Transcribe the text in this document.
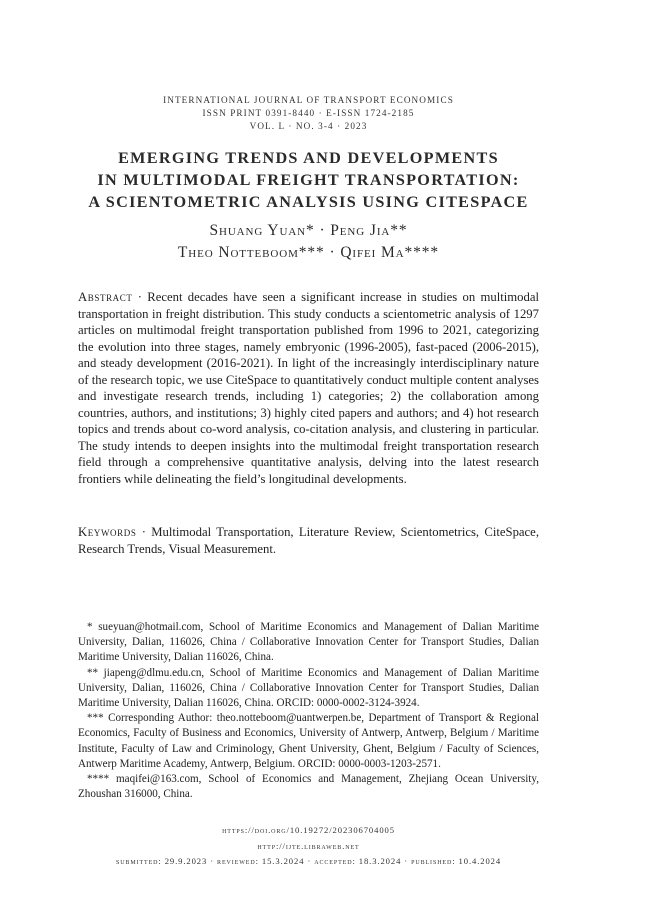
INTERNATIONAL JOURNAL OF TRANSPORT ECONOMICS
ISSN PRINT 0391-8440 · E-ISSN 1724-2185
VOL. L · NO. 3-4 · 2023
EMERGING TRENDS AND DEVELOPMENTS
IN MULTIMODAL FREIGHT TRANSPORTATION:
A SCIENTOMETRIC ANALYSIS USING CITESPACE
Shuang Yuan* · Peng Jia**
Theo Notteboom*** · Qifei Ma****
Abstract · Recent decades have seen a significant increase in studies on multimodal transportation in freight distribution. This study conducts a scientometric analysis of 1297 articles on multimodal freight transportation published from 1996 to 2021, categorizing the evolution into three stages, namely embryonic (1996-2005), fast-paced (2006-2015), and steady development (2016-2021). In light of the increasingly interdisciplinary nature of the research topic, we use CiteSpace to quantitatively conduct multiple content analyses and investigate research trends, including 1) categories; 2) the collaboration among countries, authors, and institutions; 3) highly cited papers and authors; and 4) hot research topics and trends about co-word analysis, co-citation analysis, and clustering in particular. The study intends to deepen insights into the multimodal freight transportation research field through a comprehensive quantitative analysis, delving into the latest research frontiers while delineating the field’s longitudinal developments.
Keywords · Multimodal Transportation, Literature Review, Scientometrics, CiteSpace, Research Trends, Visual Measurement.

* sueyuan@hotmail.com, School of Maritime Economics and Management of Dalian Maritime University, Dalian, 116026, China / Collaborative Innovation Center for Transport Studies, Dalian Maritime University, Dalian 116026, China.

** jiapeng@dlmu.edu.cn, School of Maritime Economics and Management of Dalian Maritime University, Dalian, 116026, China / Collaborative Innovation Center for Transport Studies, Dalian Maritime University, Dalian 116026, China. ORCID: 0000-0002-3124-3924.

*** Corresponding Author: theo.notteboom@uantwerpen.be, Department of Transport & Regional Economics, Faculty of Business and Economics, University of Antwerp, Antwerp, Belgium / Maritime Institute, Faculty of Law and Criminology, Ghent University, Ghent, Belgium / Faculty of Sciences, Antwerp Maritime Academy, Antwerp, Belgium. ORCID: 0000-0003-1203-2571.

**** maqifei@163.com, School of Economics and Management, Zhejiang Ocean University, Zhoushan 316000, China.

https://doi.org/10.19272/202306704005
http://ijte.libraweb.net
submitted: 29.9.2023 · reviewed: 15.3.2024 · accepted: 18.3.2024 · published: 10.4.2024
